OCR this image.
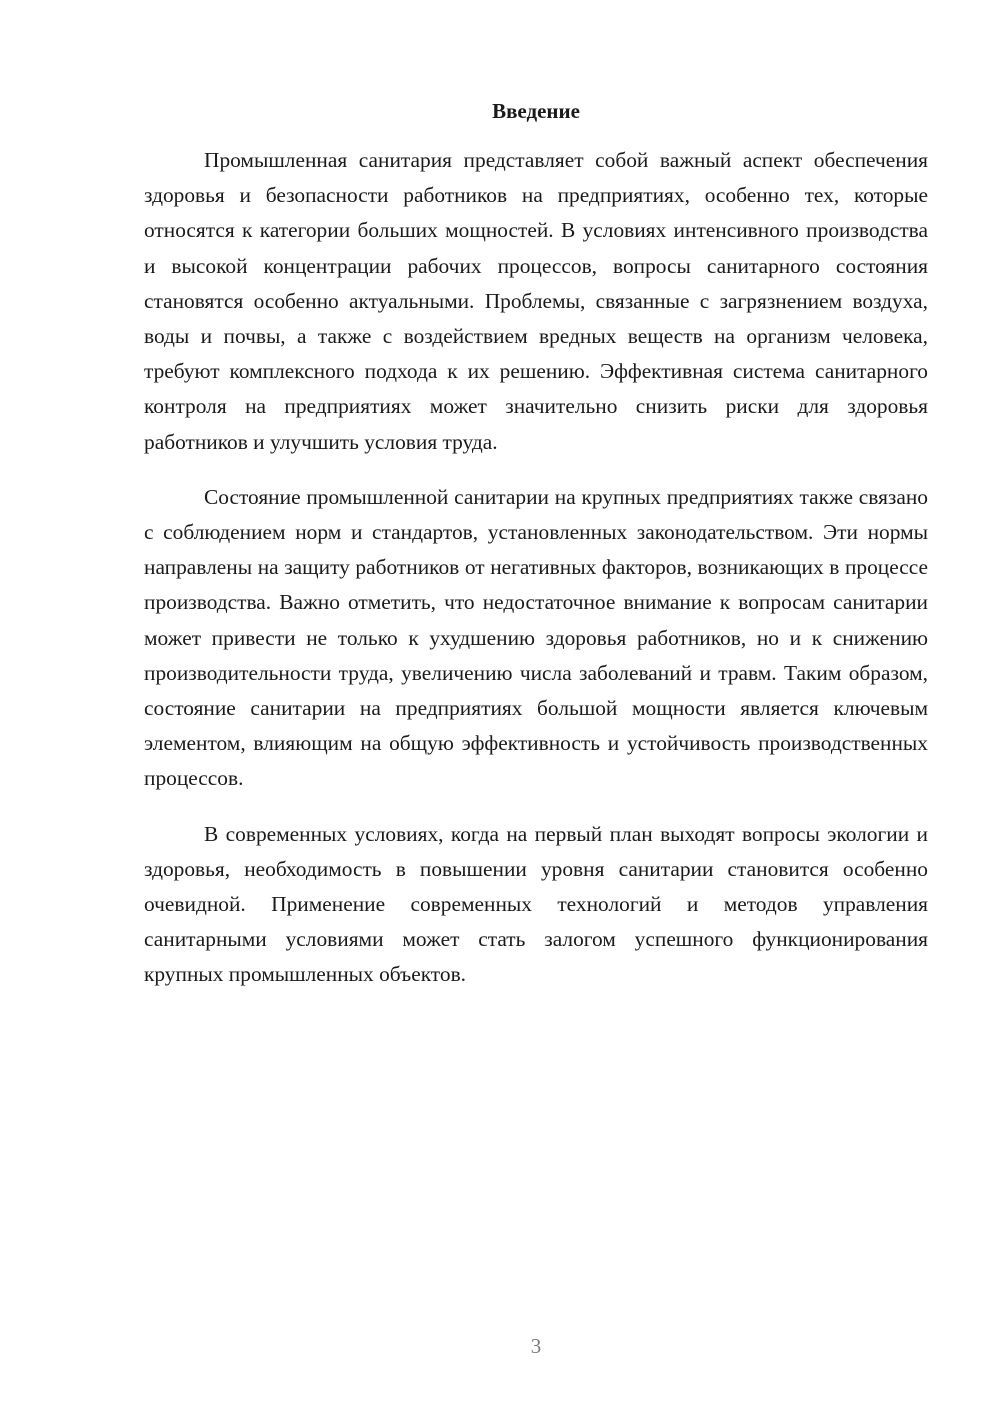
Введение

Промышленная санитария представляет собой важный аспект обеспечения здоровья и безопасности работников на предприятиях, особенно тех, которые относятся к категории больших мощностей. В условиях интенсивного производства и высокой концентрации рабочих процессов, вопросы санитарного состояния становятся особенно актуальными. Проблемы, связанные с загрязнением воздуха, воды и почвы, а также с воздействием вредных веществ на организм человека, требуют комплексного подхода к их решению. Эффективная система санитарного контроля на предприятиях может значительно снизить риски для здоровья работников и улучшить условия труда.

Состояние промышленной санитарии на крупных предприятиях также связано с соблюдением норм и стандартов, установленных законодательством. Эти нормы направлены на защиту работников от негативных факторов, возникающих в процессе производства. Важно отметить, что недостаточное внимание к вопросам санитарии может привести не только к ухудшению здоровья работников, но и к снижению производительности труда, увеличению числа заболеваний и травм. Таким образом, состояние санитарии на предприятиях большой мощности является ключевым элементом, влияющим на общую эффективность и устойчивость производственных процессов.

В современных условиях, когда на первый план выходят вопросы экологии и здоровья, необходимость в повышении уровня санитарии становится особенно очевидной. Применение современных технологий и методов управления санитарными условиями может стать залогом успешного функционирования крупных промышленных объектов.

3
